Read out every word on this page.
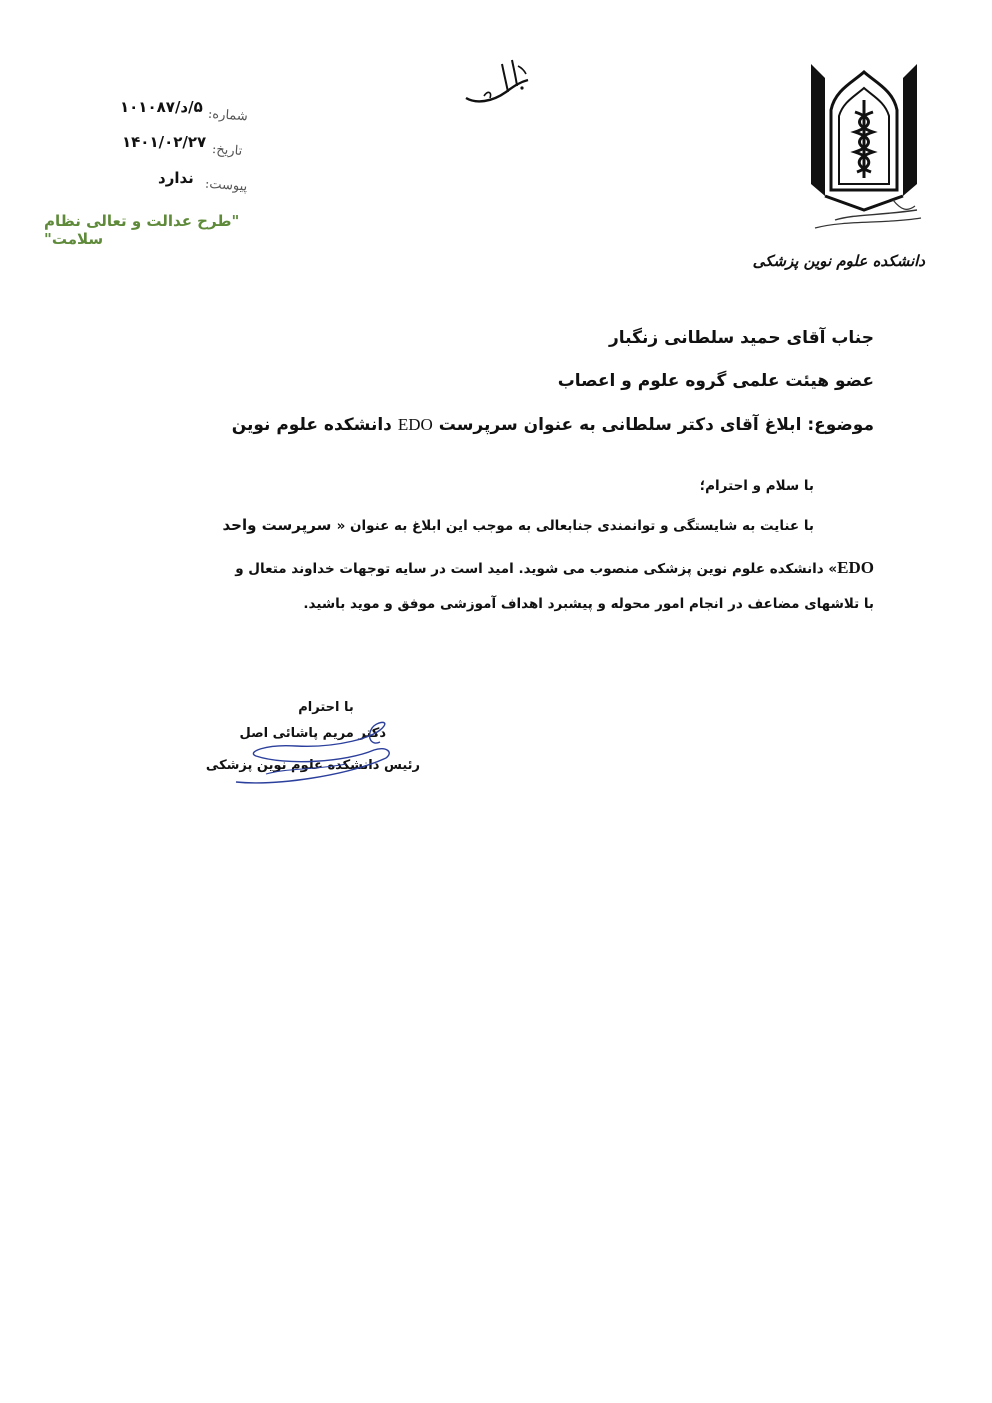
شماره:
۵/د/۱۰۱۰۸۷
تاریخ:
۱۴۰۱/۰۲/۲۷
پیوست:
ندارد
"طرح عدالت و تعالی نظام سلامت"
دانشکده علوم نوین پزشکی
جناب آقای حمید سلطانی زنگبار
عضو هیئت علمی گروه علوم و اعصاب
موضوع: ابلاغ آقای دکتر سلطانی به عنوان سرپرست EDO دانشکده علوم نوین
با سلام و احترام؛
با عنایت به شایستگی و توانمندی جنابعالی به موجب این ابلاغ به عنوان « سرپرست واحد
EDO» دانشکده علوم نوین پزشکی منصوب می شوید. امید است در سایه توجهات خداوند متعال و
با تلاشهای مضاعف در انجام امور محوله و پیشبرد اهداف آموزشی موفق و موید باشید.
با احترام
دکتر مریم پاشائی اصل
رئیس دانشکده علوم نوین پزشکی
